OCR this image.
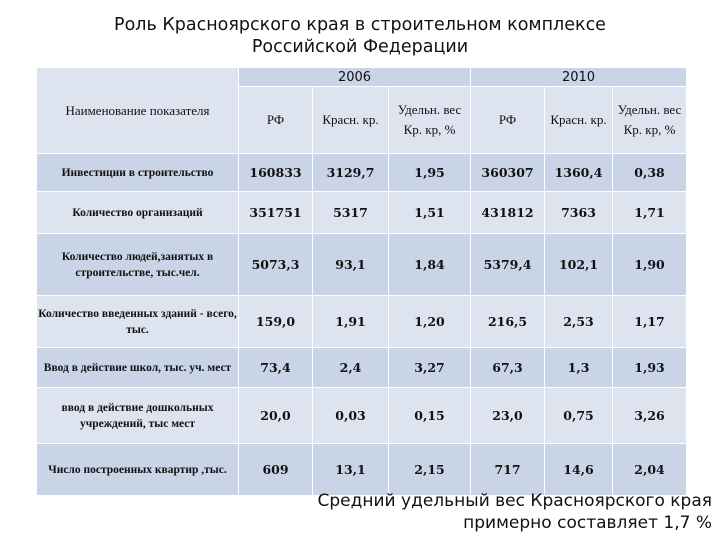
Роль Красноярского края в строительном комплексе
Российской Федерации
Наименование показателя	2006			2010		
	РФ	Красн. кр.	Удельн. вес Кр. кр, %	РФ	Красн. кр.	Удельн. вес Кр. кр, %
Инвестиции в строительство	160833	3129,7	1,95	360307	1360,4	0,38
Количество организаций	351751	5317	1,51	431812	7363	1,71
Количество людей,занятых в строительстве, тыс.чел.	5073,3	93,1	1,84	5379,4	102,1	1,90
Количество введенных зданий - всего, тыс.	159,0	1,91	1,20	216,5	2,53	1,17
Ввод в действие школ, тыс. уч. мест	73,4	2,4	3,27	67,3	1,3	1,93
ввод в действие дошкольных учреждений, тыс мест	20,0	0,03	0,15	23,0	0,75	3,26
Число построенных квартир ,тыс.	609	13,1	2,15	717	14,6	2,04
Средний удельный вес Красноярского края
примерно составляет 1,7 %
